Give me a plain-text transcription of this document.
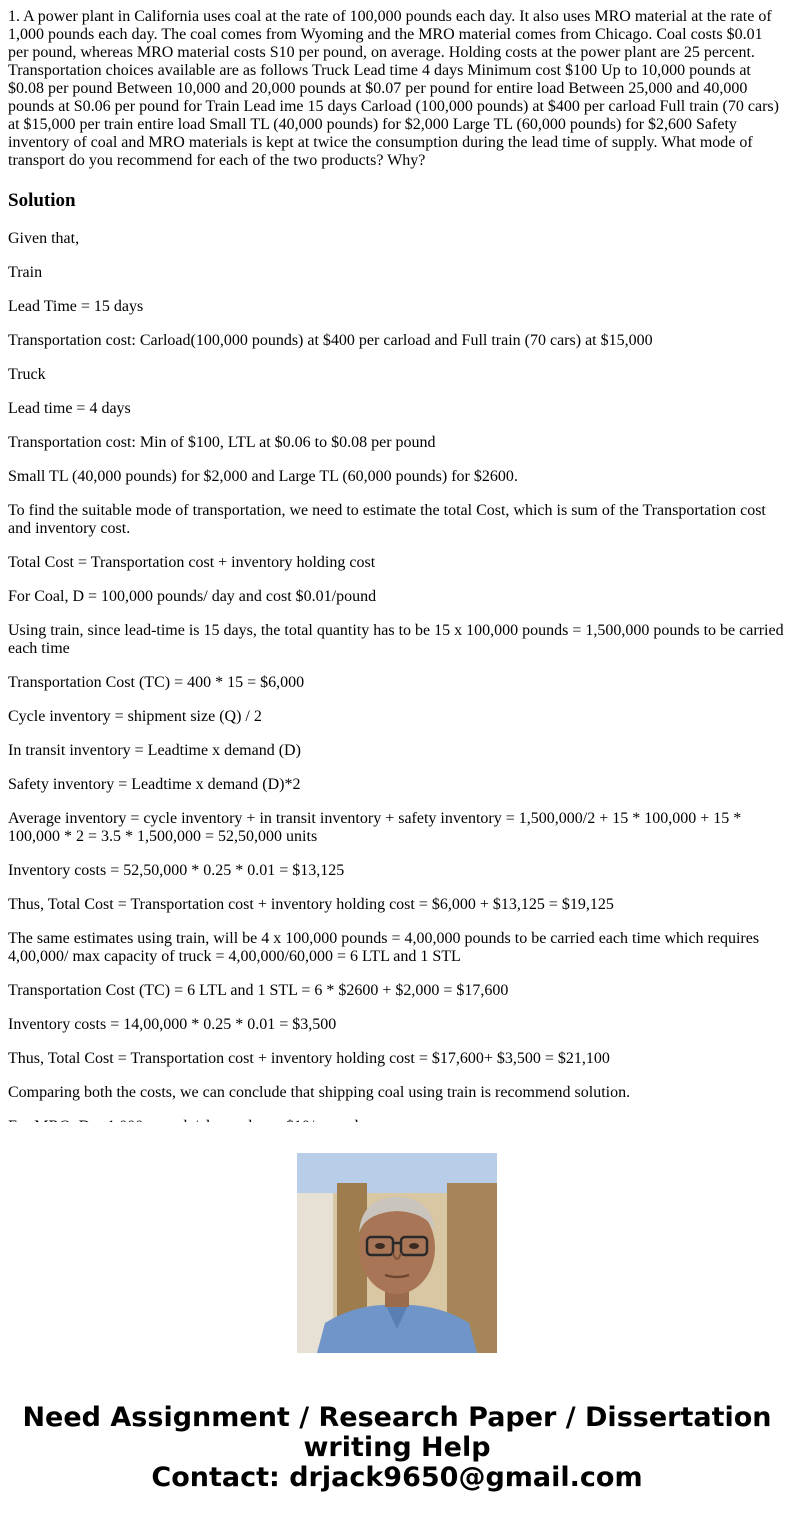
1. A power plant in California uses coal at the rate of 100,000 pounds each day. It also uses MRO material at the rate of 1,000 pounds each day. The coal comes from Wyoming and the MRO material comes from Chicago. Coal costs $0.01 per pound, whereas MRO material costs S10 per pound, on average. Holding costs at the power plant are 25 percent. Transportation choices available are as follows Truck Lead time 4 days Minimum cost $100 Up to 10,000 pounds at $0.08 per pound Between 10,000 and 20,000 pounds at $0.07 per pound for entire load Between 25,000 and 40,000 pounds at S0.06 per pound for Train Lead ime 15 days Carload (100,000 pounds) at $400 per carload Full train (70 cars) at $15,000 per train entire load Small TL (40,000 pounds) for $2,000 Large TL (60,000 pounds) for $2,600 Safety inventory of coal and MRO materials is kept at twice the consumption during the lead time of supply. What mode of transport do you recommend for each of the two products? Why?

Solution

Given that,

Train

Lead Time = 15 days

Transportation cost: Carload(100,000 pounds) at $400 per carload and Full train (70 cars) at $15,000

Truck

Lead time = 4 days

Transportation cost: Min of $100, LTL at $0.06 to $0.08 per pound

Small TL (40,000 pounds) for $2,000 and Large TL (60,000 pounds) for $2600.

To find the suitable mode of transportation, we need to estimate the total Cost, which is sum of the Transportation cost and inventory cost.

Total Cost = Transportation cost + inventory holding cost

For Coal, D = 100,000 pounds/ day and cost $0.01/pound

Using train, since lead-time is 15 days, the total quantity has to be 15 x 100,000 pounds = 1,500,000 pounds to be carried each time

Transportation Cost (TC) = 400 * 15 = $6,000

Cycle inventory = shipment size (Q) / 2

In transit inventory = Leadtime x demand (D)

Safety inventory = Leadtime x demand (D)*2

Average inventory = cycle inventory + in transit inventory + safety inventory = 1,500,000/2 + 15 * 100,000 + 15 * 100,000 * 2 = 3.5 * 1,500,000 = 52,50,000 units

Inventory costs = 52,50,000 * 0.25 * 0.01 = $13,125

Thus, Total Cost = Transportation cost + inventory holding cost = $6,000 + $13,125 = $19,125

The same estimates using train, will be 4 x 100,000 pounds = 4,00,000 pounds to be carried each time which requires 4,00,000/ max capacity of truck = 4,00,000/60,000 = 6 LTL and 1 STL

Transportation Cost (TC) = 6 LTL and 1 STL = 6 * $2600 + $2,000 = $17,600

Inventory costs = 14,00,000 * 0.25 * 0.01 = $3,500

Thus, Total Cost = Transportation cost + inventory holding cost = $17,600+ $3,500 = $21,100

Comparing both the costs, we can conclude that shipping coal using train is recommend solution.

Need Assignment / Research Paper / Dissertation
writing Help
Contact: drjack9650@gmail.com
